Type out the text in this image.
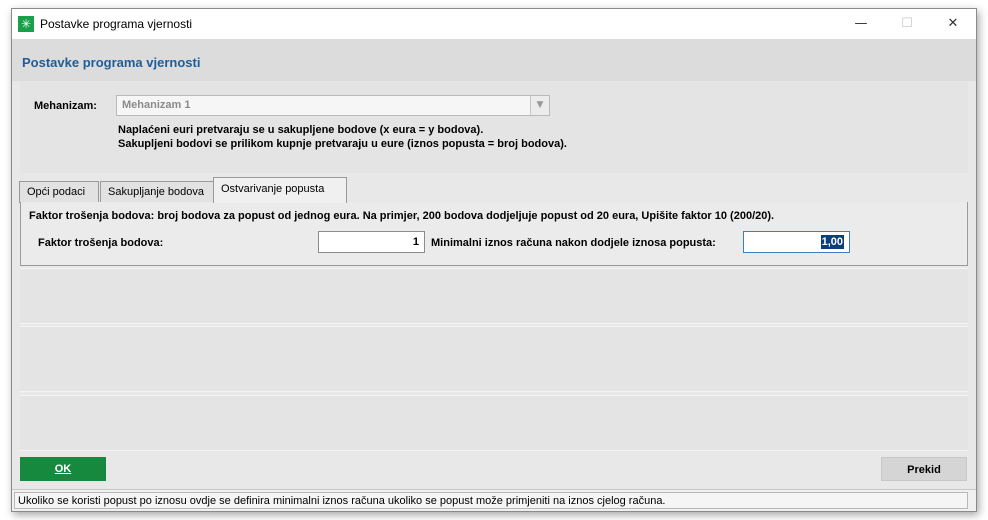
✳ Postavke programa vjernosti	—	☐	✕
Postavke programa vjernosti
Mehanizam: Mehanizam 1	▼
Naplaćeni euri pretvaraju se u sakupljene bodove (x eura = y bodova).
Sakupljeni bodovi se prilikom kupnje pretvaraju u eure (iznos popusta = broj bodova).
Opći podaci	Sakupljanje bodova	Ostvarivanje popusta
Faktor trošenja bodova: broj bodova za popust od jednog eura. Na primjer, 200 bodova dodjeljuje popust od 20 eura, Upišite faktor 10 (200/20).
Faktor trošenja bodova:	1	Minimalni iznos računa nakon dodjele iznosa popusta:	1,00
OK	Prekid
Ukoliko se koristi popust po iznosu ovdje se definira minimalni iznos računa ukoliko se popust može primjeniti na iznos cjelog računa.
